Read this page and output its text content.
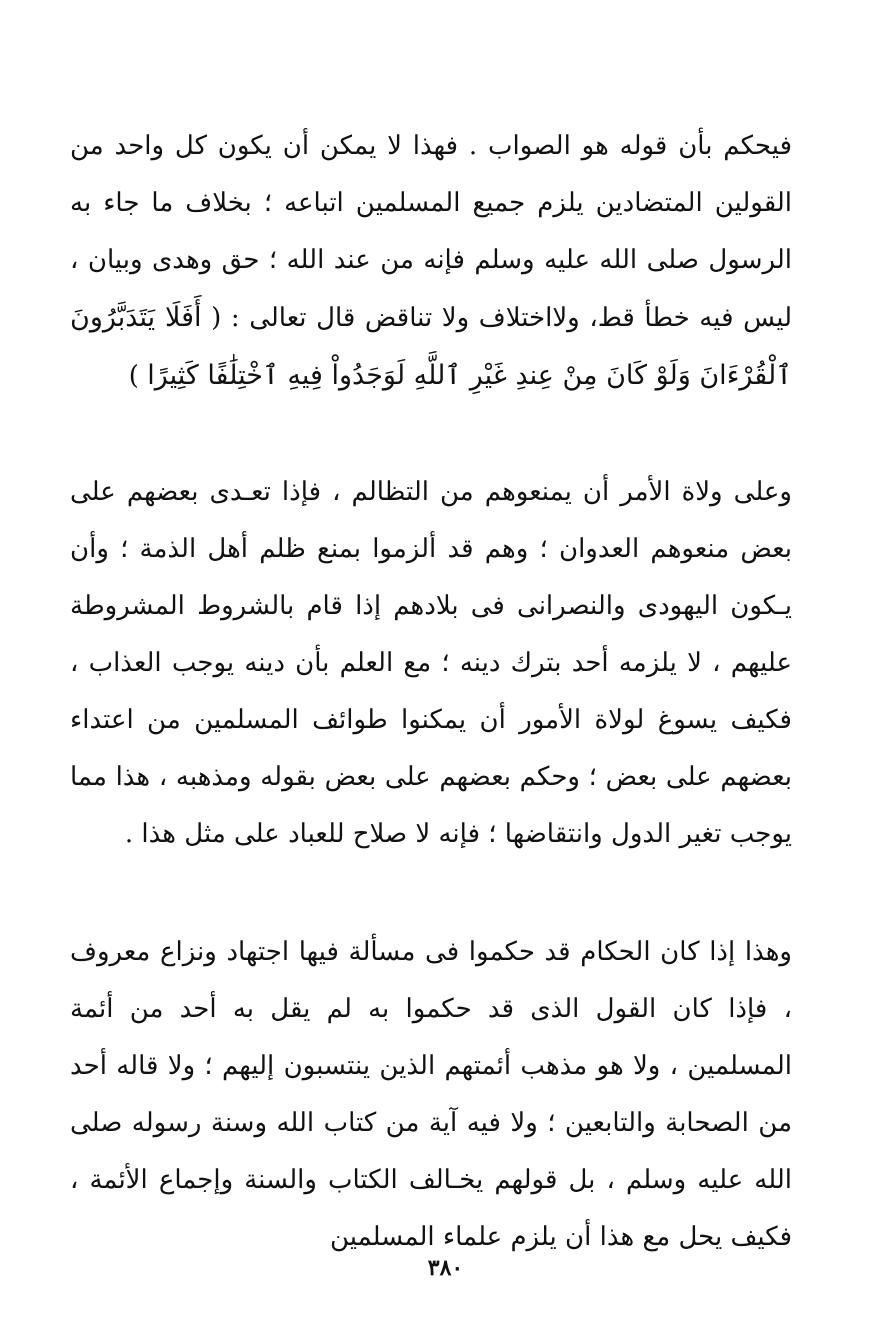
فيحكم بأن قوله هو الصواب . فهذا لا يمكن أن يكون كل واحد من القولين المتضادين يلزم جميع المسلمين اتباعه ؛ بخلاف ما جاء به الرسول صلى الله عليه وسلم فإنه من عند الله ؛ حق وهدى وبيان ، ليس فيه خطأ قط، ولااختلاف ولا تناقض قال تعالى : ( أَفَلَا يَتَدَبَّرُونَ ٱلْقُرْءَانَ وَلَوْ كَانَ مِنْ عِندِ غَيْرِ ٱللَّهِ لَوَجَدُواْ فِيهِ ٱخْتِلَٰفًا كَثِيرًا )

وعلى ولاة الأمر أن يمنعوهم من التظالم ، فإذا تعـدى بعضهم على بعض منعوهم العدوان ؛ وهم قد ألزموا بمنع ظلم أهل الذمة ؛ وأن يـكون اليهودى والنصرانى فى بلادهم إذا قام بالشروط المشروطة عليهم ، لا يلزمه أحد بترك دينه ؛ مع العلم بأن دينه يوجب العذاب ، فكيف يسوغ لولاة الأمور أن يمكنوا طوائف المسلمين من اعتداء بعضهم على بعض ؛ وحكم بعضهم على بعض بقوله ومذهبه ، هذا مما يوجب تغير الدول وانتقاضها ؛ فإنه لا صلاح للعباد على مثل هذا .

وهذا إذا كان الحكام قد حكموا فى مسألة فيها اجتهاد ونزاع معروف ، فإذا كان القول الذى قد حكموا به لم يقل به أحد من أئمة المسلمين ، ولا هو مذهب أئمتهم الذين ينتسبون إليهم ؛ ولا قاله أحد من الصحابة والتابعين ؛ ولا فيه آية من كتاب الله وسنة رسوله صلى الله عليه وسلم ، بل قولهم يخـالف الكتاب والسنة وإجماع الأئمة ، فكيف يحل مع هذا أن يلزم علماء المسلمين

٣٨٠
